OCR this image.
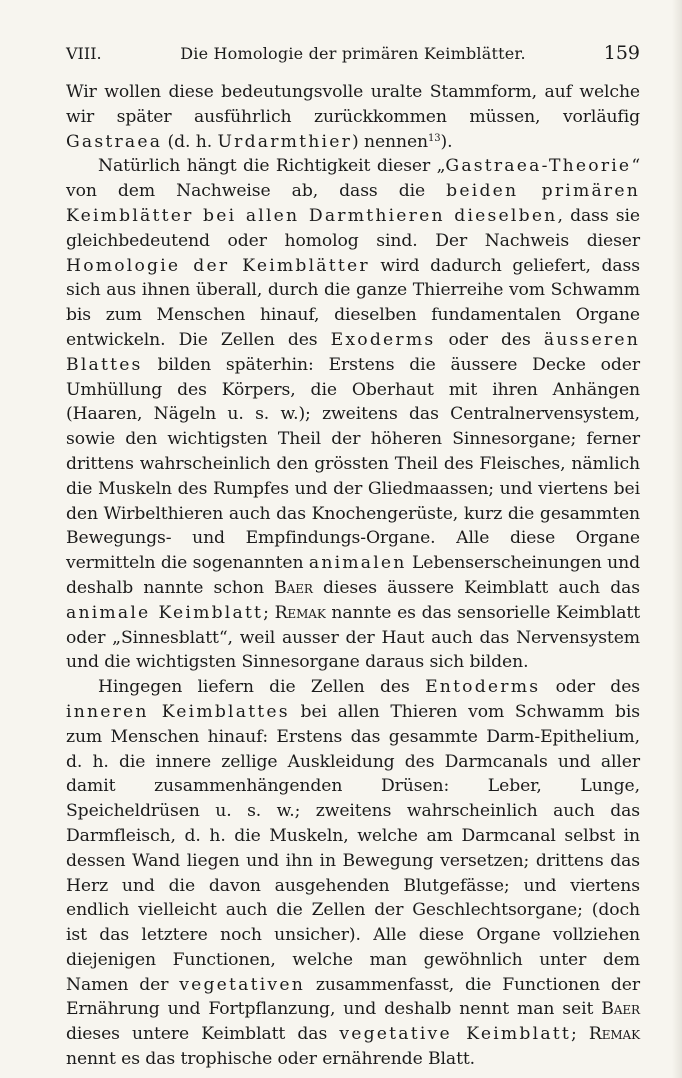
VIII.	Die Homologie der primären Keimblätter.	159

Wir wollen diese bedeutungsvolle uralte Stammform, auf welche wir später ausführlich zurückkommen müssen, vorläufig Gastraea (d. h. Urdarmthier) nennen$^{13}$).

Natürlich hängt die Richtigkeit dieser „Gastraea-Theorie“ von dem Nachweise ab, dass die beiden primären Keimblätter bei allen Darmthieren dieselben, dass sie gleichbedeutend oder homolog sind. Der Nachweis dieser Homologie der Keimblätter wird dadurch geliefert, dass sich aus ihnen überall, durch die ganze Thierreihe vom Schwamm bis zum Menschen hinauf, dieselben fundamentalen Organe entwickeln. Die Zellen des Exoderms oder des äusseren Blattes bilden späterhin: Erstens die äussere Decke oder Umhüllung des Körpers, die Oberhaut mit ihren Anhängen (Haaren, Nägeln u. s. w.); zweitens das Centralnervensystem, sowie den wichtigsten Theil der höheren Sinnesorgane; ferner drittens wahrscheinlich den grössten Theil des Fleisches, nämlich die Muskeln des Rumpfes und der Gliedmaassen; und viertens bei den Wirbelthieren auch das Knochengerüste, kurz die gesammten Bewegungs- und Empfindungs-Organe. Alle diese Organe vermitteln die sogenannten animalen Lebenserscheinungen und deshalb nannte schon Baer dieses äussere Keimblatt auch das animale Keimblatt; Remak nannte es das sensorielle Keimblatt oder „Sinnesblatt“, weil ausser der Haut auch das Nervensystem und die wichtigsten Sinnesorgane daraus sich bilden.

Hingegen liefern die Zellen des Entoderms oder des inneren Keimblattes bei allen Thieren vom Schwamm bis zum Menschen hinauf: Erstens das gesammte Darm-Epithelium, d. h. die innere zellige Auskleidung des Darmcanals und aller damit zusammenhängenden Drüsen: Leber, Lunge, Speicheldrüsen u. s. w.; zweitens wahrscheinlich auch das Darmfleisch, d. h. die Muskeln, welche am Darmcanal selbst in dessen Wand liegen und ihn in Bewegung versetzen; drittens das Herz und die davon ausgehenden Blutgefässe; und viertens endlich vielleicht auch die Zellen der Geschlechtsorgane; (doch ist das letztere noch unsicher). Alle diese Organe vollziehen diejenigen Functionen, welche man gewöhnlich unter dem Namen der vegetativen zusammenfasst, die Functionen der Ernährung und Fortpflanzung, und deshalb nennt man seit Baer dieses untere Keimblatt das vegetative Keimblatt; Remak nennt es das trophische oder ernährende Blatt.
